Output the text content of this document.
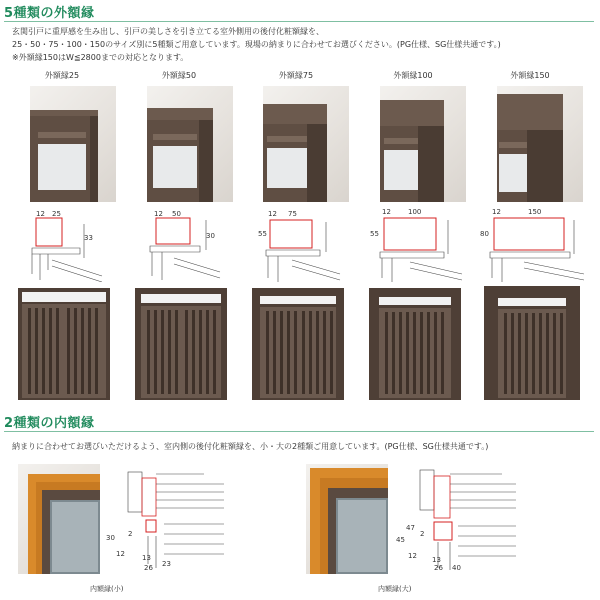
5種類の外額縁
玄関引戸に重厚感を生み出し、引戸の美しさを引き立てる室外側用の後付化粧額縁を、
25・50・75・100・150のサイズ別に5種類ご用意しています。現場の納まりに合わせてお選びください。(PG仕様、SG仕様共通です。)
※外額縁150はW≦2800までの対応となります。
外額縁25	外額縁50	外額縁75	外額縁100	外額縁150
12 25
33
12 50
30
12 75
55
12 100
55
12	150
80
2種類の内額縁
納まりに合わせてお選びいただけるよう、室内側の後付化粧額縁を、小・大の2種類ご用意しています。(PG仕様、SG仕様共通です。)
30
12
2
13
26 23
内額縁(小)
45
47
12
2
13
26 40
内額縁(大)
